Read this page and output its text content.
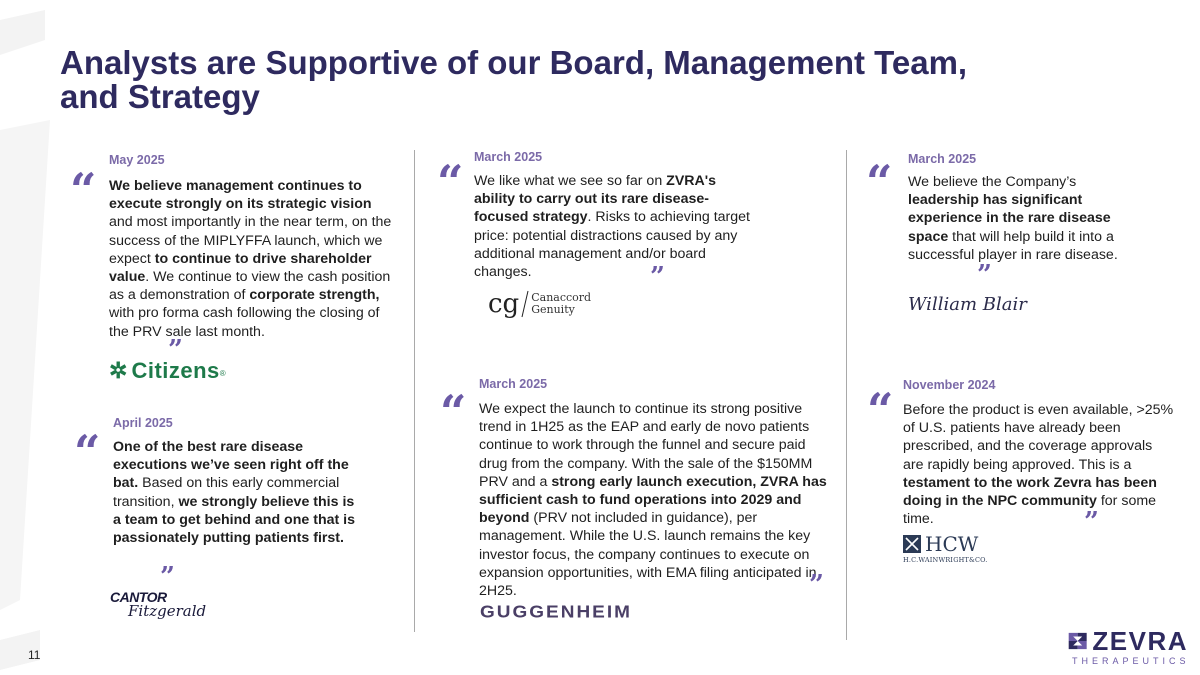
Analysts are Supportive of our Board, Management Team, and Strategy
May 2025
“ We believe management continues to execute strongly on its strategic vision and most importantly in the near term, on the success of the MIPLYFFA launch, which we expect to continue to drive shareholder value. We continue to view the cash position as a demonstration of corporate strength, with pro forma cash following the closing of the PRV sale last month.
”
✲ Citizens ®
April 2025
“ One of the best rare disease executions we’ve seen right off the bat. Based on this early commercial transition, we strongly believe this is a team to get behind and one that is passionately putting patients first.
”
CANTOR
Fitzgerald
March 2025
“ We like what we see so far on ZVRA's ability to carry out its rare disease-focused strategy. Risks to achieving target price: potential distractions caused by any additional management and/or board changes.	”
cg Canaccord
Genuity
March 2025
“ We expect the launch to continue its strong positive trend in 1H25 as the EAP and early de novo patients continue to work through the funnel and secure paid drug from the company. With the sale of the $150MM PRV and a strong early launch execution, ZVRA has sufficient cash to fund operations into 2029 and beyond (PRV not included in guidance), per management. While the U.S. launch remains the key investor focus, the company continues to execute on expansion opportunities, with EMA filing anticipated in 2H25.	”
GUGGENHEIM
March 2025
“ We believe the Company’s leadership has significant experience in the rare disease space that will help build it into a successful player in rare disease.
”
William Blair
November 2024
“ Before the product is even available, >25% of U.S. patients have already been prescribed, and the coverage approvals are rapidly being approved. This is a testament to the work Zevra has been doing in the NPC community for some time.	”
HCW
H.C.WAINWRIGHT&CO.
11	ZEVRA
THERAPEUTICS
